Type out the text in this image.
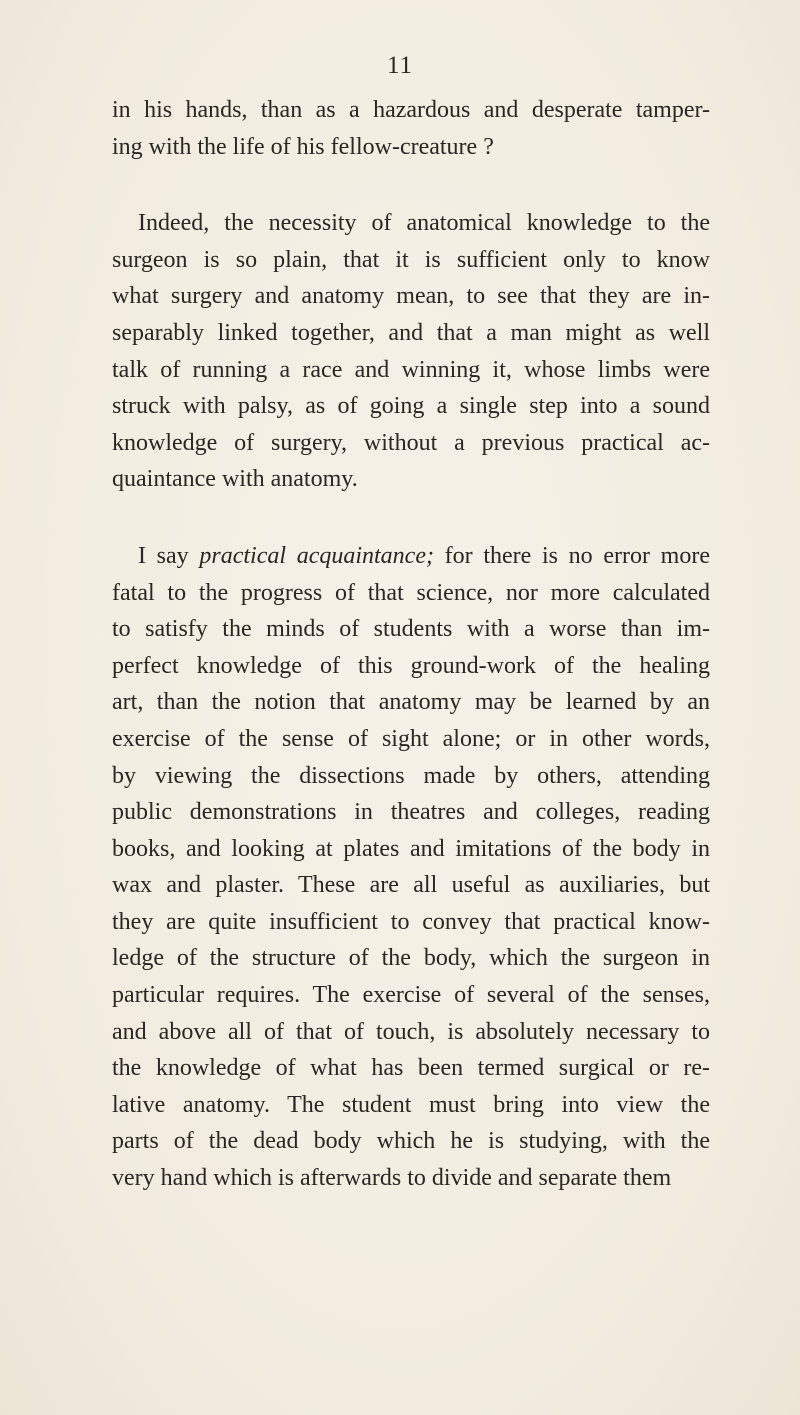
11
in his hands, than as a hazardous and desperate tamper-
ing with the life of his fellow-creature ?
Indeed, the necessity of anatomical knowledge to the
surgeon is so plain, that it is sufficient only to know
what surgery and anatomy mean, to see that they are in-
separably linked together, and that a man might as well
talk of running a race and winning it, whose limbs were
struck with palsy, as of going a single step into a sound
knowledge of surgery, without a previous practical ac-
quaintance with anatomy.
I say practical acquaintance; for there is no error more
fatal to the progress of that science, nor more calculated
to satisfy the minds of students with a worse than im-
perfect knowledge of this ground-work of the healing
art, than the notion that anatomy may be learned by an
exercise of the sense of sight alone; or in other words,
by viewing the dissections made by others, attending
public demonstrations in theatres and colleges, reading
books, and looking at plates and imitations of the body in
wax and plaster. These are all useful as auxiliaries, but
they are quite insufficient to convey that practical know-
ledge of the structure of the body, which the surgeon in
particular requires. The exercise of several of the senses,
and above all of that of touch, is absolutely necessary to
the knowledge of what has been termed surgical or re-
lative anatomy. The student must bring into view the
parts of the dead body which he is studying, with the
very hand which is afterwards to divide and separate them
